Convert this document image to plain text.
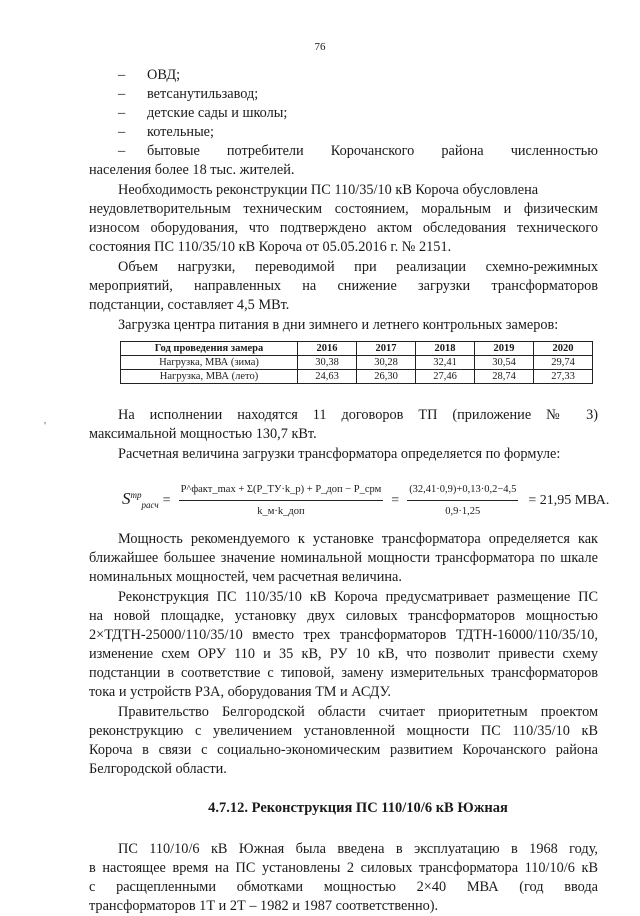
76
'
–	ОВД;
–	ветсанутильзавод;
–	детские сады и школы;
–	котельные;
–	бытовые потребители Корочанского района численностью
населения более 18 тыс. жителей.
Необходимость реконструкции ПС 110/35/10 кВ Короча обусловлена
неудовлетворительным техническим состоянием, моральным и физическим
износом оборудования, что подтверждено актом обследования технического
состояния ПС 110/35/10 кВ Короча от 05.05.2016 г. № 2151.
Объем нагрузки, переводимой при реализации схемно-режимных
мероприятий, направленных на снижение загрузки трансформаторов
подстанции, составляет 4,5 МВт.
Загрузка центра питания в дни зимнего и летнего контрольных замеров:
Год проведения замера	2016	2017	2018	2019	2020
Нагрузка, МВА (зима)	30,38	30,28	32,41	30,54	29,74
Нагрузка, МВА (лето)	24,63	26,30	27,46	28,74	27,33
На исполнении находятся 11 договоров ТП (приложение № 3)
максимальной мощностью 130,7 кВт.
Расчетная величина загрузки трансформатора определяется по формуле:
$S^{тр}_{расч} = \frac{\text{P\textasciicircum{}факт\_max + Σ(P\_ТУ·k\_p) + P\_доп − P\_срм}}{\text{k\_м·k\_доп}} = \frac{(32,41\cdot 0,9)+0,13\cdot 0,2-4,5}{0,9\cdot 1,25} = 21,95$ МВА.
Мощность рекомендуемого к установке трансформатора определяется как
ближайшее большее значение номинальной мощности трансформатора по шкале
номинальных мощностей, чем расчетная величина.
Реконструкция ПС 110/35/10 кВ Короча предусматривает размещение ПС
на новой площадке, установку двух силовых трансформаторов мощностью
2×ТДТН-25000/110/35/10 вместо трех трансформаторов ТДТН-16000/110/35/10,
изменение схем ОРУ 110 и 35 кВ, РУ 10 кВ, что позволит привести схему
подстанции в соответствие с типовой, замену измерительных трансформаторов
тока и устройств РЗА, оборудования ТМ и АСДУ.
Правительство Белгородской области считает приоритетным проектом
реконструкцию с увеличением установленной мощности ПС 110/35/10 кВ
Короча в связи с социально-экономическим развитием Корочанского района
Белгородской области.
4.7.12. Реконструкция ПС 110/10/6 кВ Южная
ПС 110/10/6 кВ Южная была введена в эксплуатацию в 1968 году,
в настоящее время на ПС установлены 2 силовых трансформатора 110/10/6 кВ
с расщепленными обмотками мощностью 2×40 МВА (год ввода
трансформаторов 1Т и 2Т – 1982 и 1987 соответственно).
